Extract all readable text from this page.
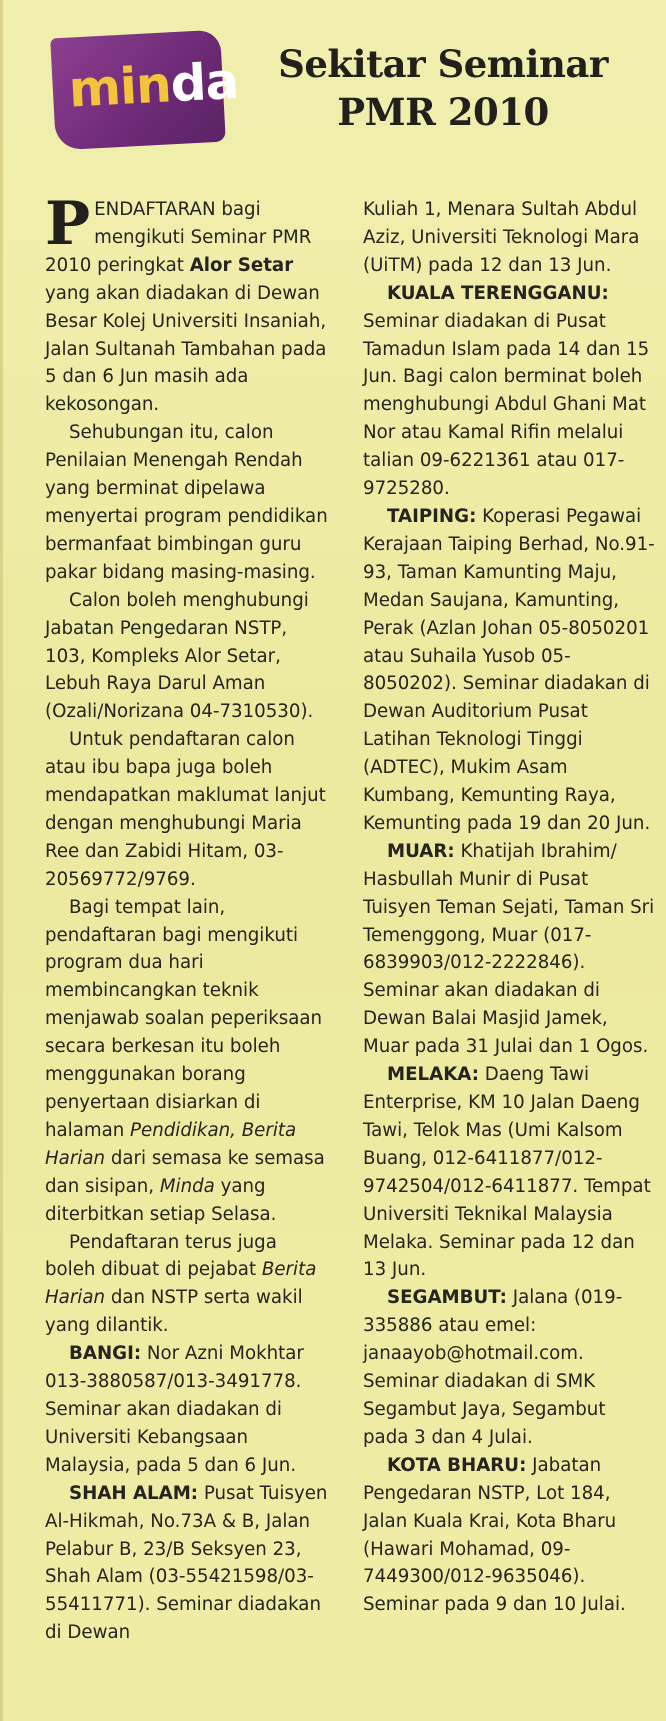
minda	Sekitar Seminar
PMR 2010

PENDAFTARAN bagi mengikuti Seminar PMR 2010 peringkat Alor Setar yang akan diadakan di Dewan Besar Kolej Universiti Insaniah, Jalan Sultanah Tambahan pada 5 dan 6 Jun masih ada kekosongan.

Sehubungan itu, calon Penilaian Menengah Rendah yang berminat dipelawa menyertai program pendidikan bermanfaat bimbingan guru pakar bidang masing-masing.

Calon boleh menghubungi Jabatan Pengedaran NSTP, 103, Kompleks Alor Setar, Lebuh Raya Darul Aman (Ozali/Norizana 04-7310530).

Untuk pendaftaran calon atau ibu bapa juga boleh mendapatkan maklumat lanjut dengan menghubungi Maria Ree dan Zabidi Hitam, 03-20569772/9769.

Bagi tempat lain, pendaftaran bagi mengikuti program dua hari membincangkan teknik menjawab soalan peperiksaan secara berkesan itu boleh menggunakan borang penyertaan disiarkan di halaman Pendidikan, Berita Harian dari semasa ke semasa dan sisipan, Minda yang diterbitkan setiap Selasa.

Pendaftaran terus juga boleh dibuat di pejabat Berita Harian dan NSTP serta wakil yang dilantik.

BANGI: Nor Azni Mokhtar 013-3880587/013-3491778. Seminar akan diadakan di Universiti Kebangsaan Malaysia, pada 5 dan 6 Jun.

SHAH ALAM: Pusat Tuisyen Al-Hikmah, No.73A & B, Jalan Pelabur B, 23/B Seksyen 23, Shah Alam (03-55421598/03-55411771). Seminar diadakan di Dewan

Kuliah 1, Menara Sultah Abdul Aziz, Universiti Teknologi Mara (UiTM) pada 12 dan 13 Jun.

KUALA TERENGGANU: Seminar diadakan di Pusat Tamadun Islam pada 14 dan 15 Jun. Bagi calon berminat boleh menghubungi Abdul Ghani Mat Nor atau Kamal Rifin melalui talian 09-6221361 atau 017-9725280.

TAIPING: Koperasi Pegawai Kerajaan Taiping Berhad, No.91-93, Taman Kamunting Maju, Medan Saujana, Kamunting, Perak (Azlan Johan 05-8050201 atau Suhaila Yusob 05-8050202). Seminar diadakan di Dewan Auditorium Pusat Latihan Teknologi Tinggi (ADTEC), Mukim Asam Kumbang, Kemunting Raya, Kemunting pada 19 dan 20 Jun.

MUAR: Khatijah Ibrahim/ Hasbullah Munir di Pusat Tuisyen Teman Sejati, Taman Sri Temenggong, Muar (017-6839903/012-2222846). Seminar akan diadakan di Dewan Balai Masjid Jamek, Muar pada 31 Julai dan 1 Ogos.

MELAKA: Daeng Tawi Enterprise, KM 10 Jalan Daeng Tawi, Telok Mas (Umi Kalsom Buang, 012-6411877/012-9742504/012-6411877. Tempat Universiti Teknikal Malaysia Melaka. Seminar pada 12 dan 13 Jun.

SEGAMBUT: Jalana (019-335886 atau emel: janaayob@hotmail.com. Seminar diadakan di SMK Segambut Jaya, Segambut pada 3 dan 4 Julai.

KOTA BHARU: Jabatan Pengedaran NSTP, Lot 184, Jalan Kuala Krai, Kota Bharu (Hawari Mohamad, 09-7449300/012-9635046). Seminar pada 9 dan 10 Julai.
